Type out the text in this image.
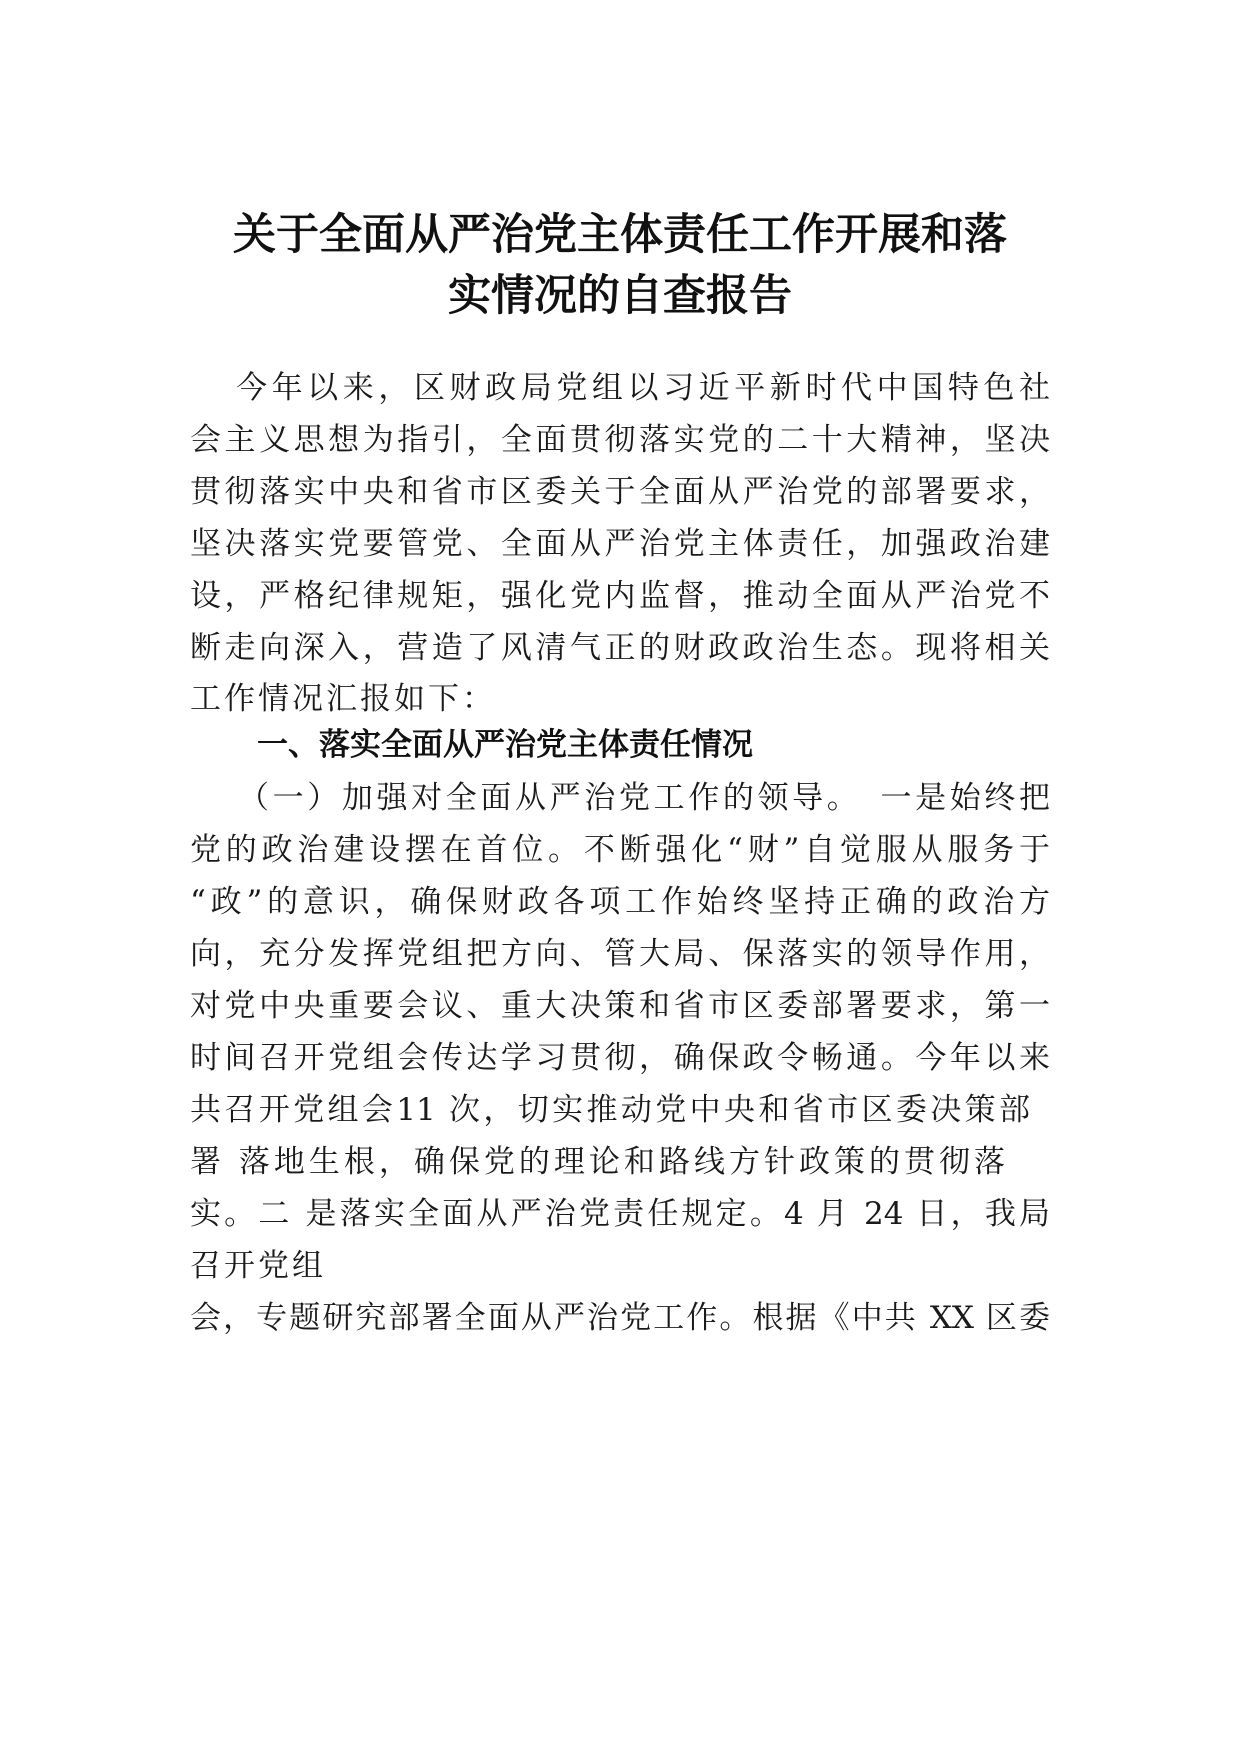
关于全面从严治党主体责任工作开展和落
实情况的自查报告
今年以来，区财政局党组以习近平新时代中国特色社
会主义思想为指引，全面贯彻落实党的二十大精神，坚决
贯彻落实中央和省市区委关于全面从严治党的部署要求，
坚决落实党要管党、全面从严治党主体责任，加强政治建
设，严格纪律规矩，强化党内监督，推动全面从严治党不
断走向深入，营造了风清气正的财政政治生态。现将相关
工作情况汇报如下：
一、落实全面从严治党主体责任情况
（一）加强对全面从严治党工作的领导。　一是始终把
党的政治建设摆在首位。不断强化“财”自觉服从服务于
“政”的意识，确保财政各项工作始终坚持正确的政治方
向，充分发挥党组把方向、管大局、保落实的领导作用，
对党中央重要会议、重大决策和省市区委部署要求，第一
时间召开党组会传达学习贯彻，确保政令畅通。今年以来
共召开党组会11 次，切实推动党中央和省市区委决策部
署 落地生根，确保党的理论和路线方针政策的贯彻落
实。二 是落实全面从严治党责任规定。4 月 24 日，我局
召开党组
会，专题研究部署全面从严治党工作。根据《中共 XX 区委
